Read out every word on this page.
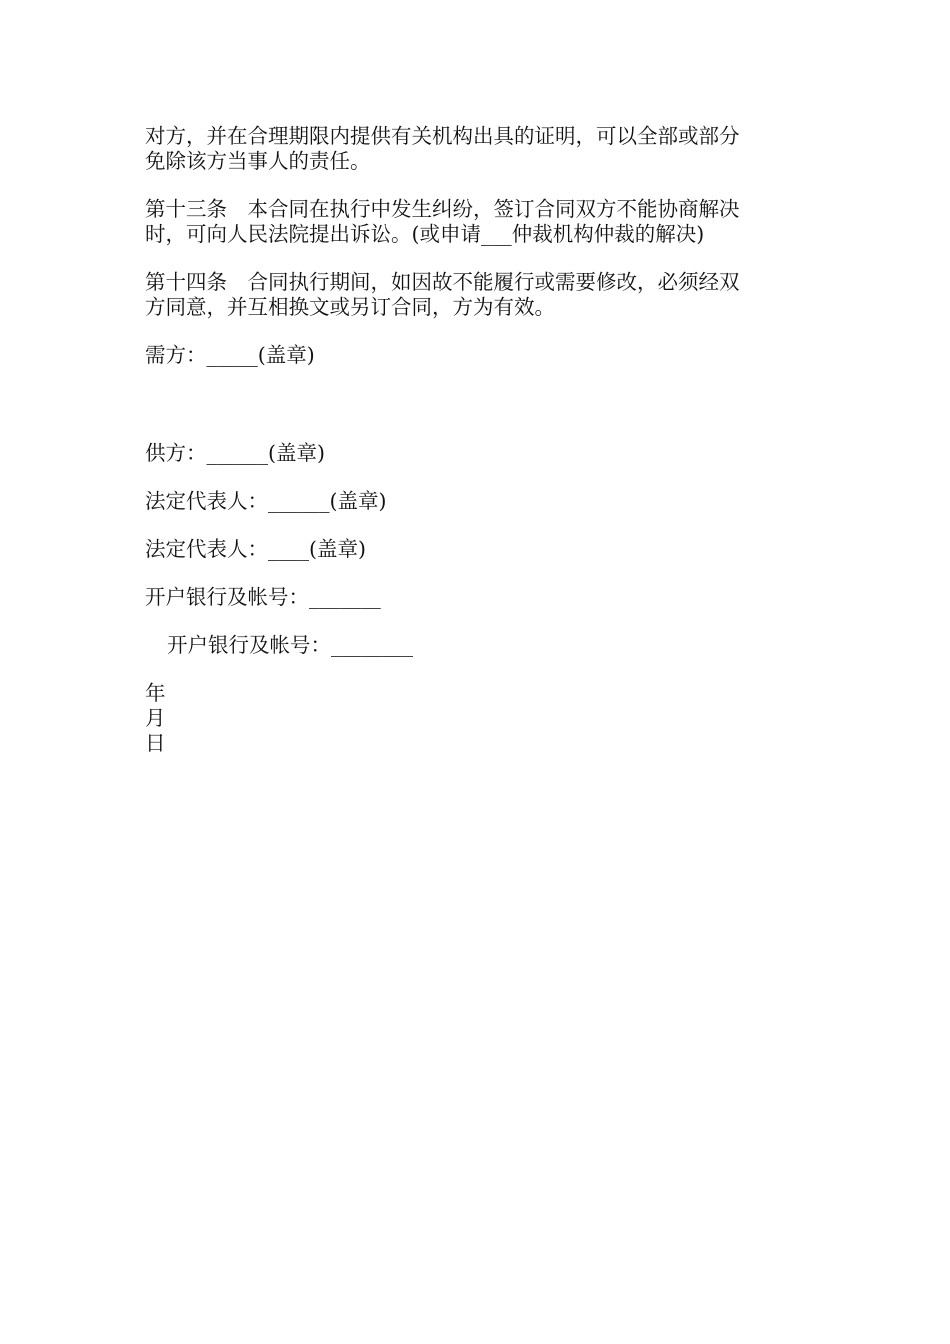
对方，并在合理期限内提供有关机构出具的证明，可以全部或部分
免除该方当事人的责任。
第十三条　本合同在执行中发生纠纷，签订合同双方不能协商解决
时，可向人民法院提出诉讼。(或申请___仲裁机构仲裁的解决)
第十四条　合同执行期间，如因故不能履行或需要修改，必须经双
方同意，并互相换文或另订合同，方为有效。
需方：_____(盖章)
供方：______(盖章)
法定代表人：______(盖章)
法定代表人：____(盖章)
开户银行及帐号：_______
开户银行及帐号：________
年
月
日
